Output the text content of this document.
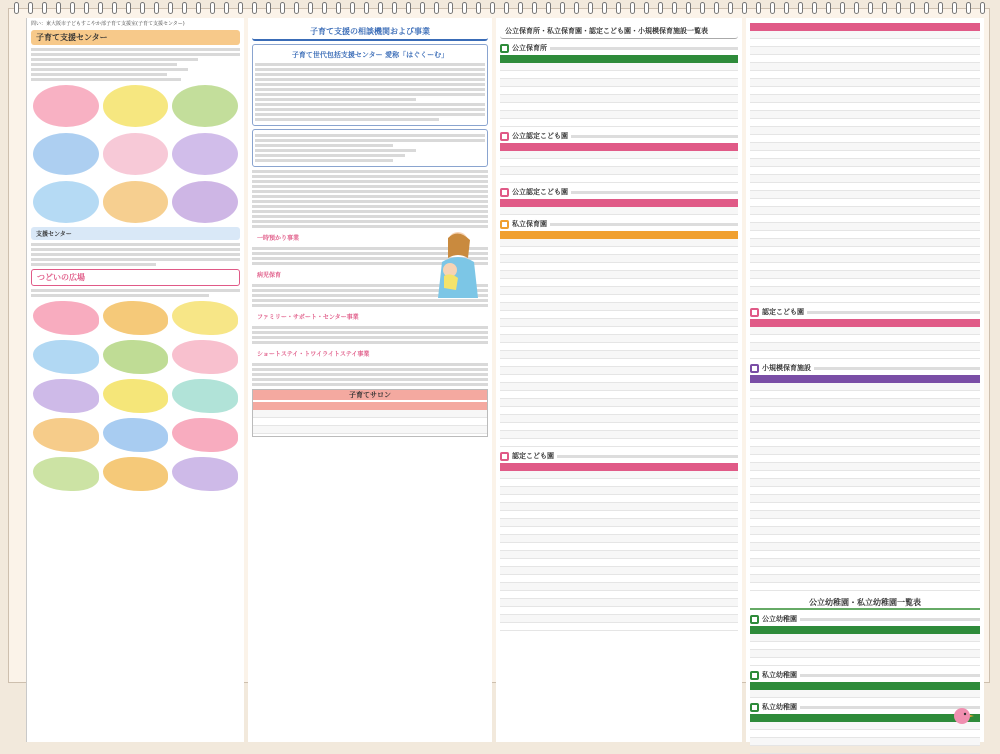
問い：東大阪市子どもすこやか部子育て支援室(子育て支援センター)
子育て支援センター
支援センター
つどいの広場
子育て支援の相談機関および事業
子育て世代包括支援センター 愛称「はぐくーむ」
一時預かり事業
病児保育
ファミリー・サポート・センター事業
ショートステイ・トワイライトステイ事業
子育てサロン

公立保育所・私立保育園・認定こども園・小規模保育施設一覧表
公立保育所

公立認定こども園

公立認定こども園

私立保育園

認定こども園

認定こども園

小規模保育施設

公立幼稚園・私立幼稚園一覧表
公立幼稚園

私立幼稚園

私立幼稚園
